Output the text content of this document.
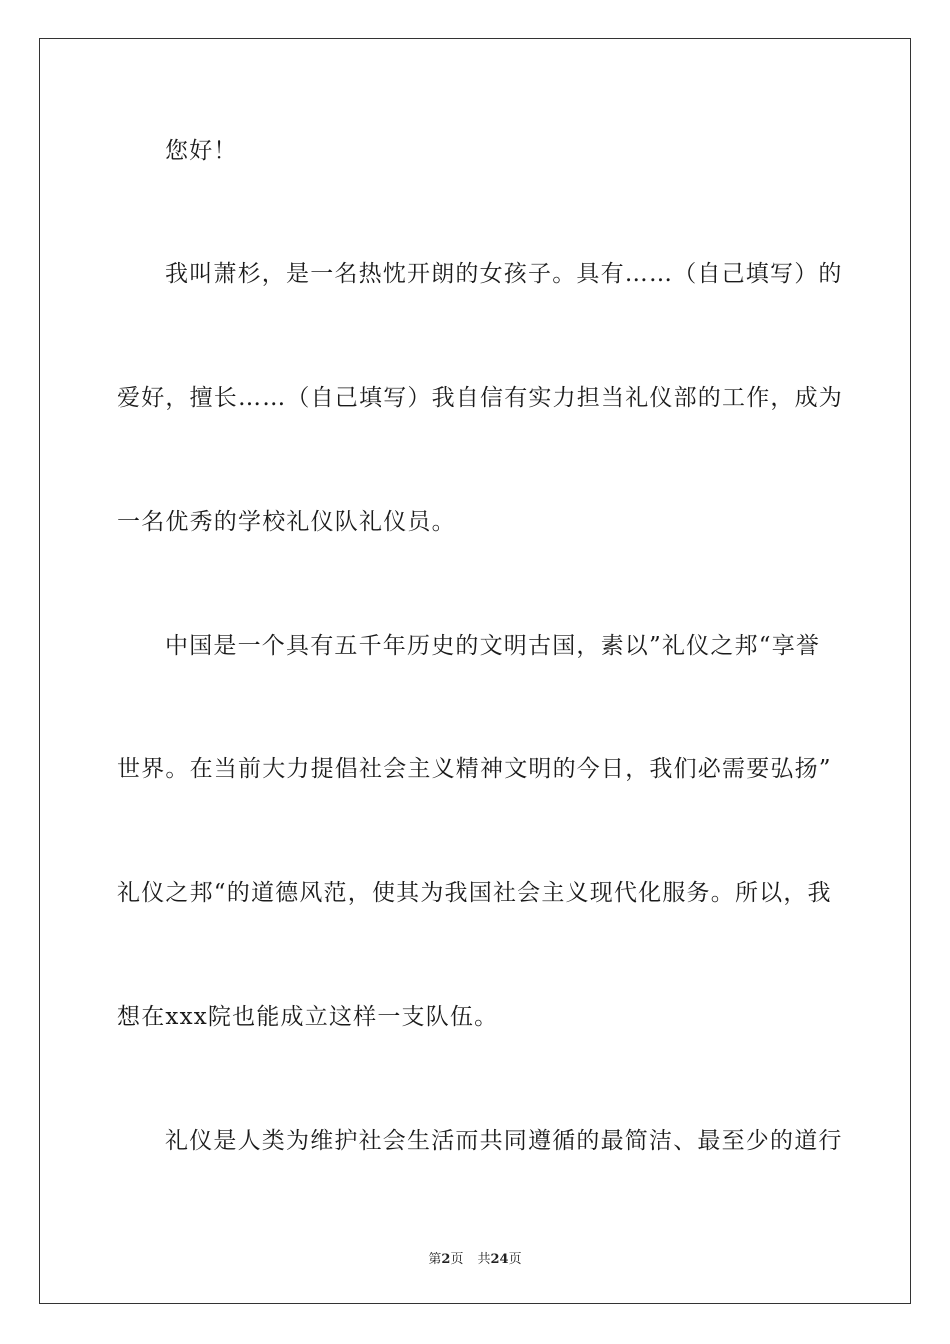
您好！
我叫萧杉，是一名热忱开朗的女孩子。具有……（自己填写）的
爱好，擅长……（自己填写）我自信有实力担当礼仪部的工作，成为
一名优秀的学校礼仪队礼仪员。
中国是一个具有五千年历史的文明古国，素以”礼仪之邦“享誉
世界。在当前大力提倡社会主义精神文明的今日，我们必需要弘扬”
礼仪之邦“的道德风范，使其为我国社会主义现代化服务。所以，我
想在xxx院也能成立这样一支队伍。
礼仪是人类为维护社会生活而共同遵循的最简洁、最至少的道行
第2页 共24页
